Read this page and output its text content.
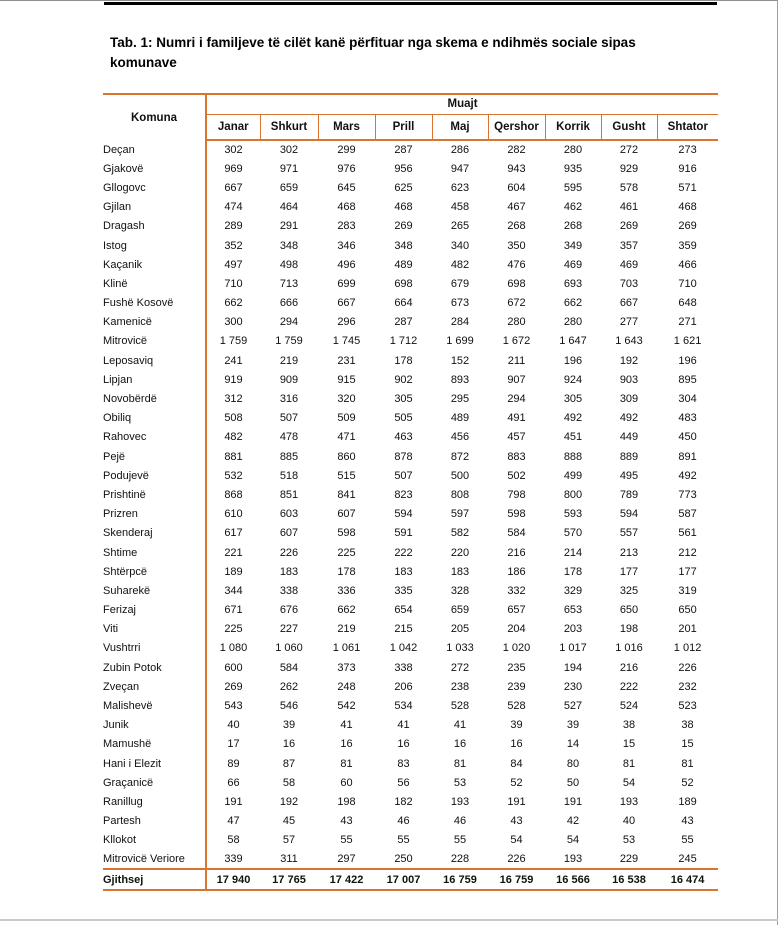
Tab. 1: Numri i familjeve të cilët kanë përfituar nga skema e ndihmës sociale sipas
komunave
Komuna	Muajt								
	Janar	Shkurt	Mars	Prill	Maj	Qershor	Korrik	Gusht	Shtator
Deçan	302	302	299	287	286	282	280	272	273
Gjakovë	969	971	976	956	947	943	935	929	916
Gllogovc	667	659	645	625	623	604	595	578	571
Gjilan	474	464	468	468	458	467	462	461	468
Dragash	289	291	283	269	265	268	268	269	269
Istog	352	348	346	348	340	350	349	357	359
Kaçanik	497	498	496	489	482	476	469	469	466
Klinë	710	713	699	698	679	698	693	703	710
Fushë Kosovë	662	666	667	664	673	672	662	667	648
Kamenicë	300	294	296	287	284	280	280	277	271
Mitrovicë	1 759	1 759	1 745	1 712	1 699	1 672	1 647	1 643	1 621
Leposaviq	241	219	231	178	152	211	196	192	196
Lipjan	919	909	915	902	893	907	924	903	895
Novobërdë	312	316	320	305	295	294	305	309	304
Obiliq	508	507	509	505	489	491	492	492	483
Rahovec	482	478	471	463	456	457	451	449	450
Pejë	881	885	860	878	872	883	888	889	891
Podujevë	532	518	515	507	500	502	499	495	492
Prishtinë	868	851	841	823	808	798	800	789	773
Prizren	610	603	607	594	597	598	593	594	587
Skenderaj	617	607	598	591	582	584	570	557	561
Shtime	221	226	225	222	220	216	214	213	212
Shtërpcë	189	183	178	183	183	186	178	177	177
Suharekë	344	338	336	335	328	332	329	325	319
Ferizaj	671	676	662	654	659	657	653	650	650
Viti	225	227	219	215	205	204	203	198	201
Vushtrri	1 080	1 060	1 061	1 042	1 033	1 020	1 017	1 016	1 012
Zubin Potok	600	584	373	338	272	235	194	216	226
Zveçan	269	262	248	206	238	239	230	222	232
Malishevë	543	546	542	534	528	528	527	524	523
Junik	40	39	41	41	41	39	39	38	38
Mamushë	17	16	16	16	16	16	14	15	15
Hani i Elezit	89	87	81	83	81	84	80	81	81
Graçanicë	66	58	60	56	53	52	50	54	52
Ranillug	191	192	198	182	193	191	191	193	189
Partesh	47	45	43	46	46	43	42	40	43
Kllokot	58	57	55	55	55	54	54	53	55
Mitrovicë Veriore	339	311	297	250	228	226	193	229	245
Gjithsej	17 940	17 765	17 422	17 007	16 759	16 759	16 566	16 538	16 474
